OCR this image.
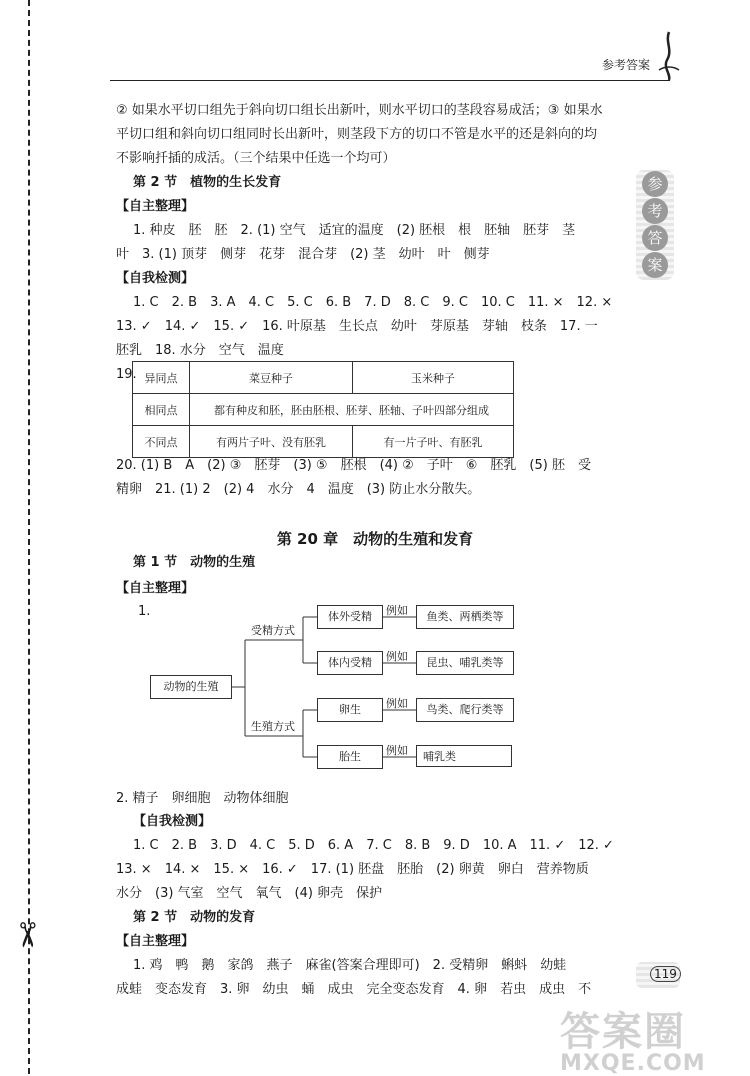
✂
参考答案
参
考
答
案
② 如果水平切口组先于斜向切口组长出新叶，则水平切口的茎段容易成活；③ 如果水
平切口组和斜向切口组同时长出新叶，则茎段下方的切口不管是水平的还是斜向的均
不影响扦插的成活。（三个结果中任选一个均可）
第 2 节　植物的生长发育
【自主整理】
1. 种皮　胚　胚　2. (1) 空气　适宜的温度　(2) 胚根　根　胚轴　胚芽　茎
叶　3. (1) 顶芽　侧芽　花芽　混合芽　(2) 茎　幼叶　叶　侧芽
【自我检测】
1. C　2. B　3. A　4. C　5. C　6. B　7. D　8. C　9. C　10. C　11. ×　12. ×
13. ✓　14. ✓　15. ✓　16. 叶原基　生长点　幼叶　芽原基　芽轴　枝条　17. 一
胚乳　18. 水分　空气　温度
19. 异同点	菜豆种子	玉米种子
相同点	都有种皮和胚，胚由胚根、胚芽、胚轴、子叶四部分组成	
不同点	有两片子叶、没有胚乳	有一片子叶、有胚乳
20. (1) B　A　(2) ③　胚芽　(3) ⑤　胚根　(4) ②　子叶　⑥　胚乳　(5) 胚　受
精卵　21. (1) 2　(2) 4　水分　4　温度　(3) 防止水分散失。
第 20 章　动物的生殖和发育
第 1 节　动物的生殖
【自主整理】
1.
动物的生殖
受精方式
生殖方式
体外受精
体内受精
卵生
胎生
例如
例如
例如
例如
鱼类、两栖类等
昆虫、哺乳类等
鸟类、爬行类等
哺乳类
2. 精子　卵细胞　动物体细胞
【自我检测】
1. C　2. B　3. D　4. C　5. D　6. A　7. C　8. B　9. D　10. A　11. ✓　12. ✓
13. ×　14. ×　15. ×　16. ✓　17. (1) 胚盘　胚胎　(2) 卵黄　卵白　营养物质
水分　(3) 气室　空气　氧气　(4) 卵壳　保护
第 2 节　动物的发育
【自主整理】
1. 鸡　鸭　鹅　家鸽　燕子　麻雀(答案合理即可)　2. 受精卵　蝌蚪　幼蛙
成蛙　变态发育　3. 卵　幼虫　蛹　成虫　完全变态发育　4. 卵　若虫　成虫　不
119
答案圈
MXQE.COM
